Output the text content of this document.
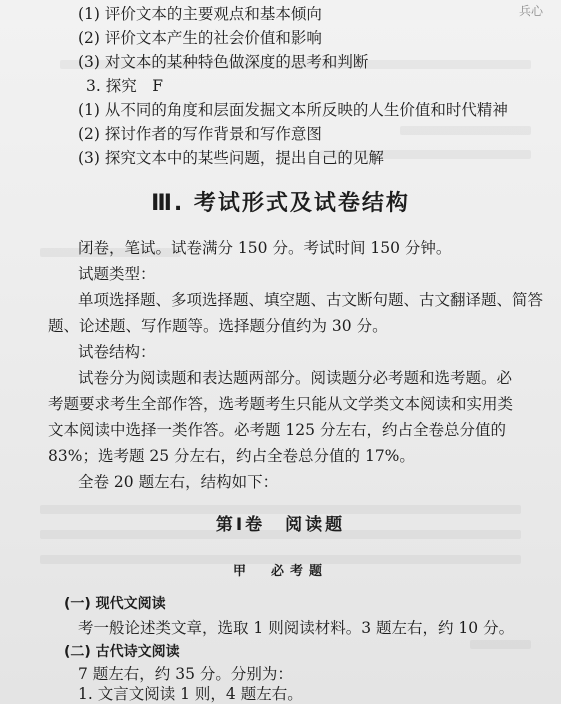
兵心
(1) 评价文本的主要观点和基本倾向
(2) 评价文本产生的社会价值和影响
(3) 对文本的某种特色做深度的思考和判断
3. 探究　F
(1) 从不同的角度和层面发掘文本所反映的人生价值和时代精神
(2) 探讨作者的写作背景和写作意图
(3) 探究文本中的某些问题，提出自己的见解
Ⅲ. 考试形式及试卷结构
闭卷，笔试。试卷满分 150 分。考试时间 150 分钟。
试题类型：
单项选择题、多项选择题、填空题、古文断句题、古文翻译题、简答
题、论述题、写作题等。选择题分值约为 30 分。
试卷结构：
试卷分为阅读题和表达题两部分。阅读题分必考题和选考题。必
考题要求考生全部作答，选考题考生只能从文学类文本阅读和实用类
文本阅读中选择一类作答。必考题 125 分左右，约占全卷总分值的
83%；选考题 25 分左右，约占全卷总分值的 17%。
全卷 20 题左右，结构如下：
第Ⅰ卷　阅读题
甲　必考题
(一) 现代文阅读
考一般论述类文章，选取 1 则阅读材料。3 题左右，约 10 分。
(二) 古代诗文阅读
7 题左右，约 35 分。分别为：
1. 文言文阅读 1 则，4 题左右。
